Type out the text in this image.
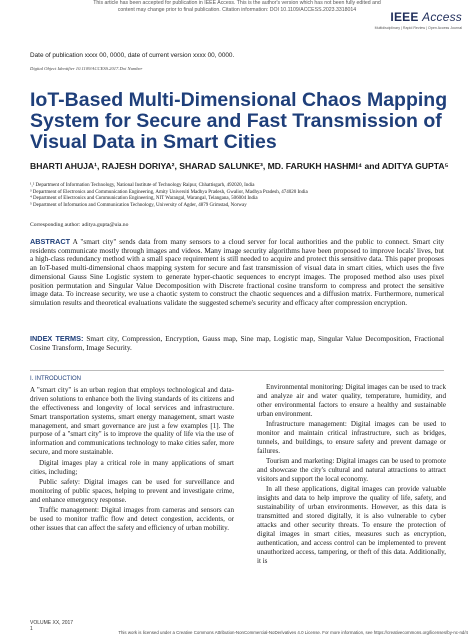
This article has been accepted for publication in IEEE Access. This is the author's version which has not been fully edited and
content may change prior to final publication. Citation information: DOI 10.1109/ACCESS.2023.3318014	IEEE Access
Multidisciplinary | Rapid Review | Open Access Journal
Date of publication xxxx 00, 0000, date of current version xxxx 00, 0000.
Digital Object Identifier 10.1109/ACCESS.2017.Doi Number
IoT-Based Multi-Dimensional Chaos Mapping System for Secure and Fast Transmission of Visual Data in Smart Cities
BHARTI AHUJA¹, RAJESH DORIYA², SHARAD SALUNKE³, MD. FARUKH HASHMI⁴ and ADITYA GUPTA⁵
¹,² Department of Information Technology, National Institute of Technology Raipur, Chhattisgarh, 492020, India
³ Department of Electronics and Communication Engineering, Amity Universiti Madhya Pradesh, Gwalior, Madhya Pradesh, 474020 India
⁴ Department of Electronics and Communication Engineering, NIT Warangal, Warangal, Telangana, 506004 India
⁵ Department of Information and Communication Technology, University of Agder, 4879 Grimstad, Norway
Corresponding author: aditya.gupta@uia.no

ABSTRACT A "smart city" sends data from many sensors to a cloud server for local authorities and the public to connect. Smart city residents communicate mostly through images and videos. Many image security algorithms have been proposed to improve locals' lives, but a high-class redundancy method with a small space requirement is still needed to acquire and protect this sensitive data. This paper proposes an IoT-based multi-dimensional chaos mapping system for secure and fast transmission of visual data in smart cities, which uses the five dimensional Gauss Sine Logistic system to generate hyper-chaotic sequences to encrypt images. The proposed method also uses pixel position permutation and Singular Value Decomposition with Discrete fractional cosine transform to compress and protect the sensitive image data. To increase security, we use a chaotic system to construct the chaotic sequences and a diffusion matrix. Furthermore, numerical simulation results and theoretical evaluations validate the suggested scheme's security and efficacy after compression encryption.

INDEX TERMS: Smart city, Compression, Encryption, Gauss map, Sine map, Logistic map, Singular Value Decomposition, Fractional Cosine Transform, Image Security.

I. INTRODUCTION

A "smart city" is an urban region that employs technological and data-driven solutions to enhance both the living standards of its citizens and the effectiveness and longevity of local services and infrastructure. Smart transportation systems, smart energy management, smart waste management, and smart governance are just a few examples [1]. The purpose of a "smart city" is to improve the quality of life via the use of information and communications technology to make cities safer, more secure, and more sustainable.

Digital images play a critical role in many applications of smart cities, including;

Public safety: Digital images can be used for surveillance and monitoring of public spaces, helping to prevent and investigate crime, and enhance emergency response.

Traffic management: Digital images from cameras and sensors can be used to monitor traffic flow and detect congestion, accidents, or other issues that can affect the safety and efficiency of urban mobility.

Environmental monitoring: Digital images can be used to track and analyze air and water quality, temperature, humidity, and other environmental factors to ensure a healthy and sustainable urban environment.

Infrastructure management: Digital images can be used to monitor and maintain critical infrastructure, such as bridges, tunnels, and buildings, to ensure safety and prevent damage or failures.

Tourism and marketing: Digital images can be used to promote and showcase the city's cultural and natural attractions to attract visitors and support the local economy.

In all these applications, digital images can provide valuable insights and data to help improve the quality of life, safety, and sustainability of urban environments. However, as this data is transmitted and stored digitally, it is also vulnerable to cyber attacks and other security threats. To ensure the protection of digital images in smart cities, measures such as encryption, authentication, and access control can be implemented to prevent unauthorized access, tampering, or theft of this data. Additionally, it is

VOLUME XX, 2017
1
This work is licensed under a Creative Commons Attribution-NonCommercial-NoDerivatives 4.0 License. For more information, see https://creativecommons.org/licenses/by-nc-nd/4
